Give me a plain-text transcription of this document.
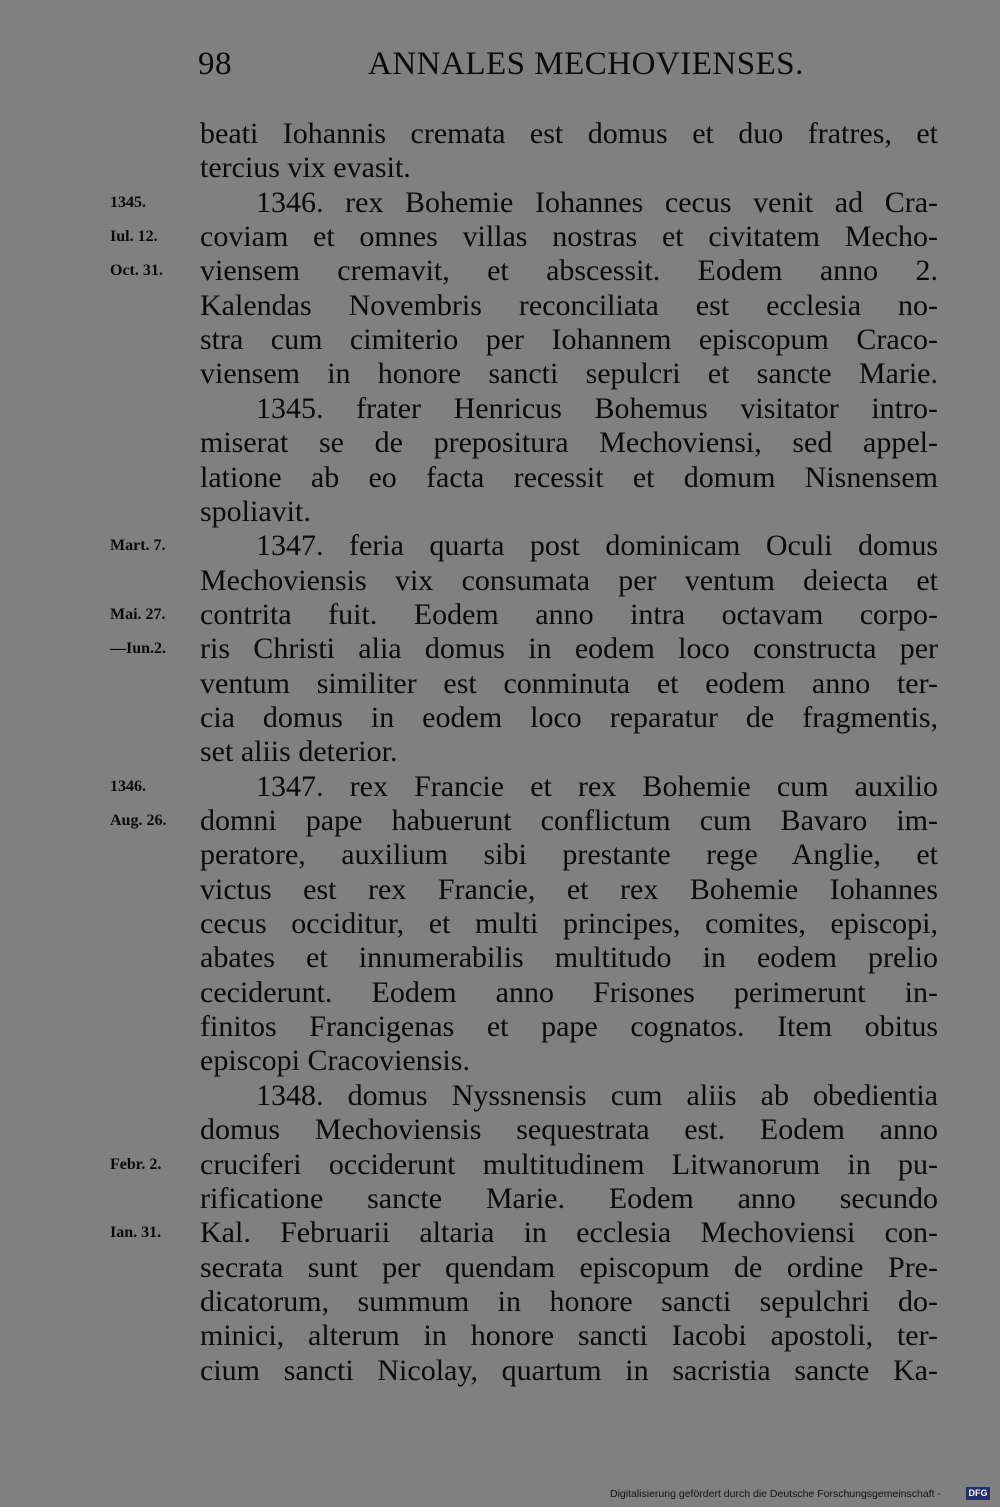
98	ANNALES MECHOVIENSES.
beati Iohannis cremata est domus et duo fratres, et
tercius vix evasit.
1346. rex Bohemie Iohannes cecus venit ad Cra-
coviam et omnes villas nostras et civitatem Mecho-
viensem cremavit, et abscessit. Eodem anno 2.
Kalendas Novembris reconciliata est ecclesia no-
stra cum cimiterio per Iohannem episcopum Craco-
viensem in honore sancti sepulcri et sancte Marie.
1345. frater Henricus Bohemus visitator intro-
miserat se de prepositura Mechoviensi, sed appel-
latione ab eo facta recessit et domum Nisnensem
spoliavit.
1347. feria quarta post dominicam Oculi domus
Mechoviensis vix consumata per ventum deiecta et
contrita fuit. Eodem anno intra octavam corpo-
ris Christi alia domus in eodem loco constructa per
ventum similiter est conminuta et eodem anno ter-
cia domus in eodem loco reparatur de fragmentis,
set aliis deterior.
1347. rex Francie et rex Bohemie cum auxilio
domni pape habuerunt conflictum cum Bavaro im-
peratore, auxilium sibi prestante rege Anglie, et
victus est rex Francie, et rex Bohemie Iohannes
cecus occiditur, et multi principes, comites, episcopi,
abates et innumerabilis multitudo in eodem prelio
ceciderunt. Eodem anno Frisones perimerunt in-
finitos Francigenas et pape cognatos. Item obitus
episcopi Cracoviensis.
1348. domus Nyssnensis cum aliis ab obedientia
domus Mechoviensis sequestrata est. Eodem anno
cruciferi occiderunt multitudinem Litwanorum in pu-
rificatione sancte Marie. Eodem anno secundo
Kal. Februarii altaria in ecclesia Mechoviensi con-
secrata sunt per quendam episcopum de ordine Pre-
dicatorum, summum in honore sancti sepulchri do-
minici, alterum in honore sancti Iacobi apostoli, ter-
cium sancti Nicolay, quartum in sacristia sancte Ka-
1345.
Iul. 12.
Oct. 31.
Mart. 7.
Mai. 27.
—Iun.2.
1346.
Aug. 26.
Febr. 2.
Ian. 31.
Digitalisierung gefördert durch die Deutsche Forschungsgemeinschaft -	DFG
